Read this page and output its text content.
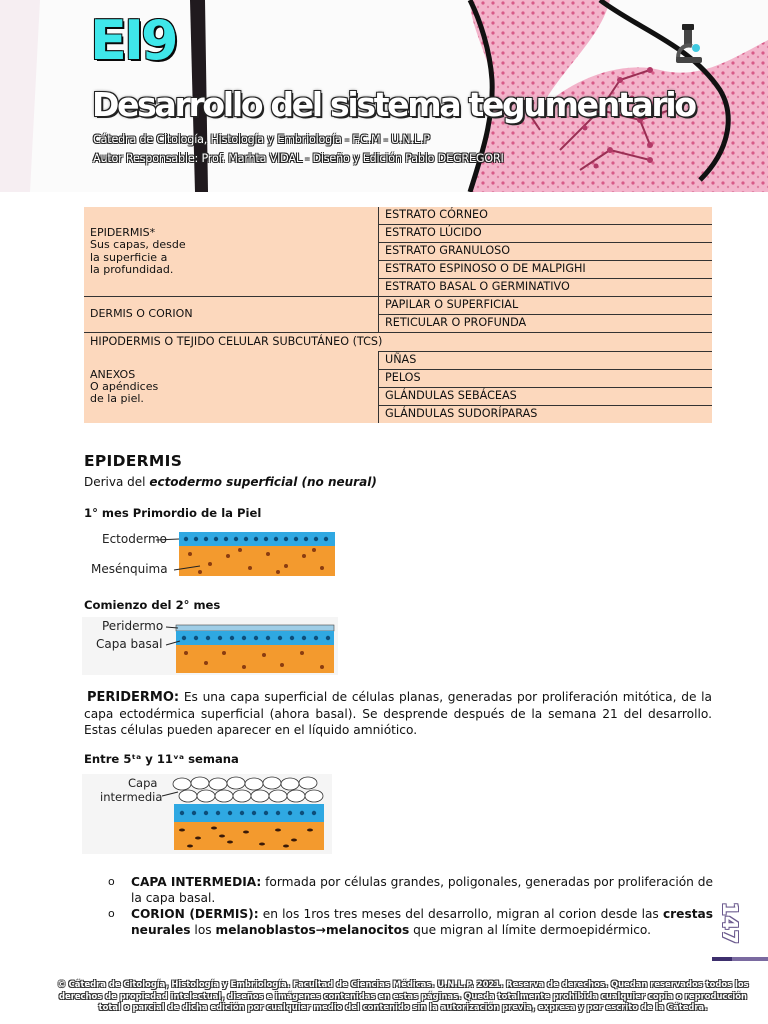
EI9
Desarrollo del sistema tegumentario
Cátedra de Citología, Histología y Embriología - F.C.M - U.N.L.P
Autor Responsable: Prof. Marhta VIDAL - Diseño y Edición Pablo DEGREGORI
EPIDERMIS*
Sus capas, desde
la superficie a
la profundidad.	ESTRATO CÓRNEO
	ESTRATO LÚCIDO
	ESTRATO GRANULOSO
	ESTRATO ESPINOSO O DE MALPIGHI
	ESTRATO BASAL O GERMINATIVO

DERMIS O CORION	PAPILAR O SUPERFICIAL
	RETICULAR O PROFUNDA
HIPODERMIS O TEJIDO CELULAR SUBCUTÁNEO (TCS)	

ANEXOS
O apéndices
de la piel.	UÑAS
	PELOS
	GLÁNDULAS SEBÁCEAS
	GLÁNDULAS SUDORÍPARAS
EPIDERMIS
Deriva del ectodermo superficial (no neural)
1° mes Primordio de la Piel
Ectodermo
Mesénquima
Comienzo del 2° mes
Peridermo
Capa basal
PERIDERMO: Es una capa superficial de células planas, generadas por proliferación mitótica, de la capa ectodérmica superficial (ahora basal). Se desprende después de la semana 21 del desarrollo. Estas células pueden aparecer en el líquido amniótico.
Entre 5ᵗᵃ y 11ᵛᵃ semana
Capa
intermedia
o CAPA INTERMEDIA: formada por células grandes, poligonales, generadas por proliferación de la capa basal.
o CORION (DERMIS): en los 1ros tres meses del desarrollo, migran al corion desde las crestas neurales los melanoblastos→melanocitos que migran al límite dermoepidérmico.	147
© Cátedra de Citología, Histología y Embriología. Facultad de Ciencias Médicas. U.N.L.P. 2021. Reserva de derechos. Quedan reservados todos los derechos de propiedad intelectual, diseños e imágenes contenidas en estas páginas. Queda totalmente prohibida cualquier copia o reproducción total o parcial de dicha edición por cualquier medio del contenido sin la autorización previa, expresa y por escrito de la Cátedra.
